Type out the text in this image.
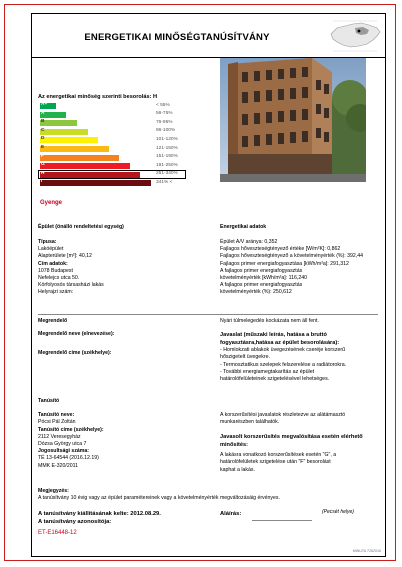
ENERGETIKAI MINŐSÉGTANÚSÍTVÁNY
Az energetikai minőség szerinti besorolás: H
A+	< 55%
A	56-75%
B	76-95%
C	96-100%
D	101-120%
E	121-150%
F	151-190%
G	191-250%
H	251-340%
I	341% <
Gyenge
Épület (önálló rendeltetési egység)
Típusa:
Lakóépület
Alapterülete [m²]: 40,12
Cím adatok:
1078 Budapest
Nefelejcs utca 50.
Körfolyosós társasházi lakás
Helyrajzi szám:
Energetikai adatok
Épület A/V aránya: 0,352
Fajlagos hőveszteségtényező értéke [W/m²K]: 0,862
Fajlagos hőveszteségtényező a követelményérték (%): 392,44
Fajlagos primer energiafogyasztása [kWh/m²a]: 291,312
A fajlagos primer energiafogyasztás
követelményérték [kWh/m²a]: 116,240
A fajlagos primer energiafogyasztás
követelményérték (%): 250,612
Megrendelő
Megrendelő neve (elnevezése):
Megrendelő címe (székhelye):
Nyári túlmelegedés kockázata nem áll fent.
Javaslat (műszaki leírás, hatása a bruttó fogyasztásra,hatása az épület besorolására):
- Homlokzati ablakok üvegezésének cseréje korszerű
hőszigetelt üvegekre.
- Termosztatikus szelepek felszerelése a radiátorokra.
- További energiamegtakarítás az épület
határolófelületeinek szigetelésével lehetséges.
A korszerűsítési javaslatok részletezve az alátámasztó
munkarészben találhatók.
Tanúsító
Tanúsító neve:
Pócsi Pál Zoltán
Tanúsító címe (székhelye):
2112 Veresegyház
Dózsa György utca 7
Jogosultsági száma:
TÉ 13-64544 (2016.12.19)
MMK E-320/2011
Javasolt korszerűsítés megvalósítása esetén elérhető minősítés:
A lakásra vonatkozó korszerűsítések esetén "G", a
határolófelületek szigetelése után "F" besorolást
kaphat a lakás.
Megjegyzés:
A tanúsítvány 10 évig vagy az épület paramétereinek vagy a követelményérték megváltozásáig érvényes.
A tanúsítvány kiállításának kelte: 2012.08.29.
A tanúsítvány azonosítója:
ET-E16448-12
Aláírás:	(Pecsét helye)
MINUTA 7262016
